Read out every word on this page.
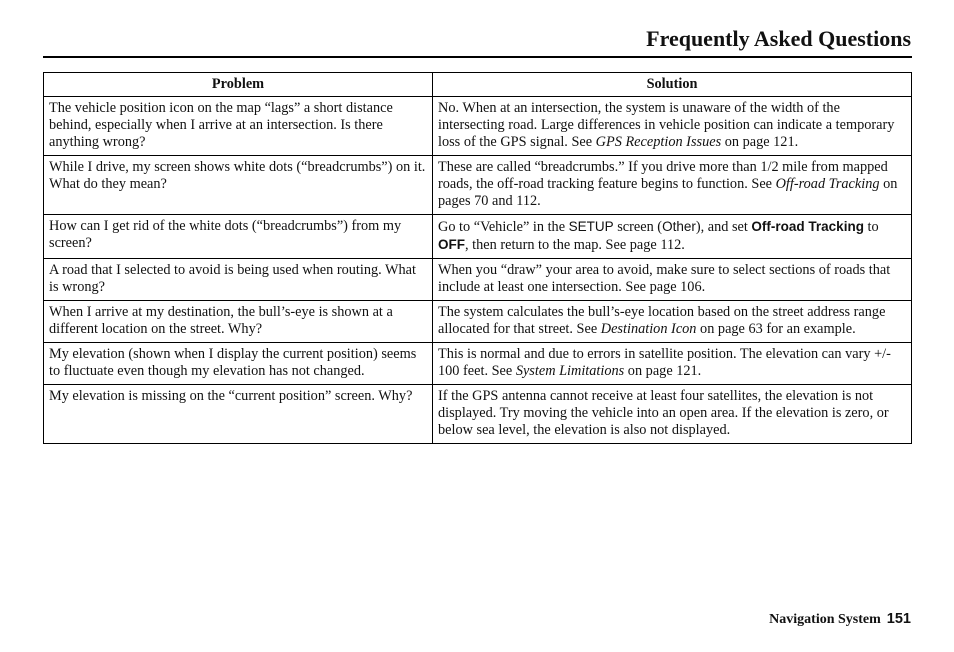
Frequently Asked Questions
Problem	Solution
The vehicle position icon on the map “lags” a short distance behind, especially when I arrive at an intersection. Is there anything wrong?	No. When at an intersection, the system is unaware of the width of the intersecting road. Large differences in vehicle position can indicate a temporary loss of the GPS signal. See GPS Reception Issues on page 121.
While I drive, my screen shows white dots (“breadcrumbs”) on it. What do they mean?	These are called “breadcrumbs.” If you drive more than 1/2 mile from mapped roads, the off-road tracking feature begins to function. See Off-road Tracking on pages 70 and 112.
How can I get rid of the white dots (“breadcrumbs”) from my screen?	Go to “Vehicle” in the SETUP screen (Other), and set Off-road Tracking to OFF, then return to the map. See page 112.
A road that I selected to avoid is being used when routing. What is wrong?	When you “draw” your area to avoid, make sure to select sections of roads that include at least one intersection. See page 106.
When I arrive at my destination, the bull’s-eye is shown at a different location on the street. Why?	The system calculates the bull’s-eye location based on the street address range allocated for that street. See Destination Icon on page 63 for an example.
My elevation (shown when I display the current position) seems to fluctuate even though my elevation has not changed.	This is normal and due to errors in satellite position. The elevation can vary +/- 100 feet. See System Limitations on page 121.
My elevation is missing on the “current position” screen. Why?	If the GPS antenna cannot receive at least four satellites, the elevation is not displayed. Try moving the vehicle into an open area. If the elevation is zero, or below sea level, the elevation is also not displayed.
Navigation System 151
